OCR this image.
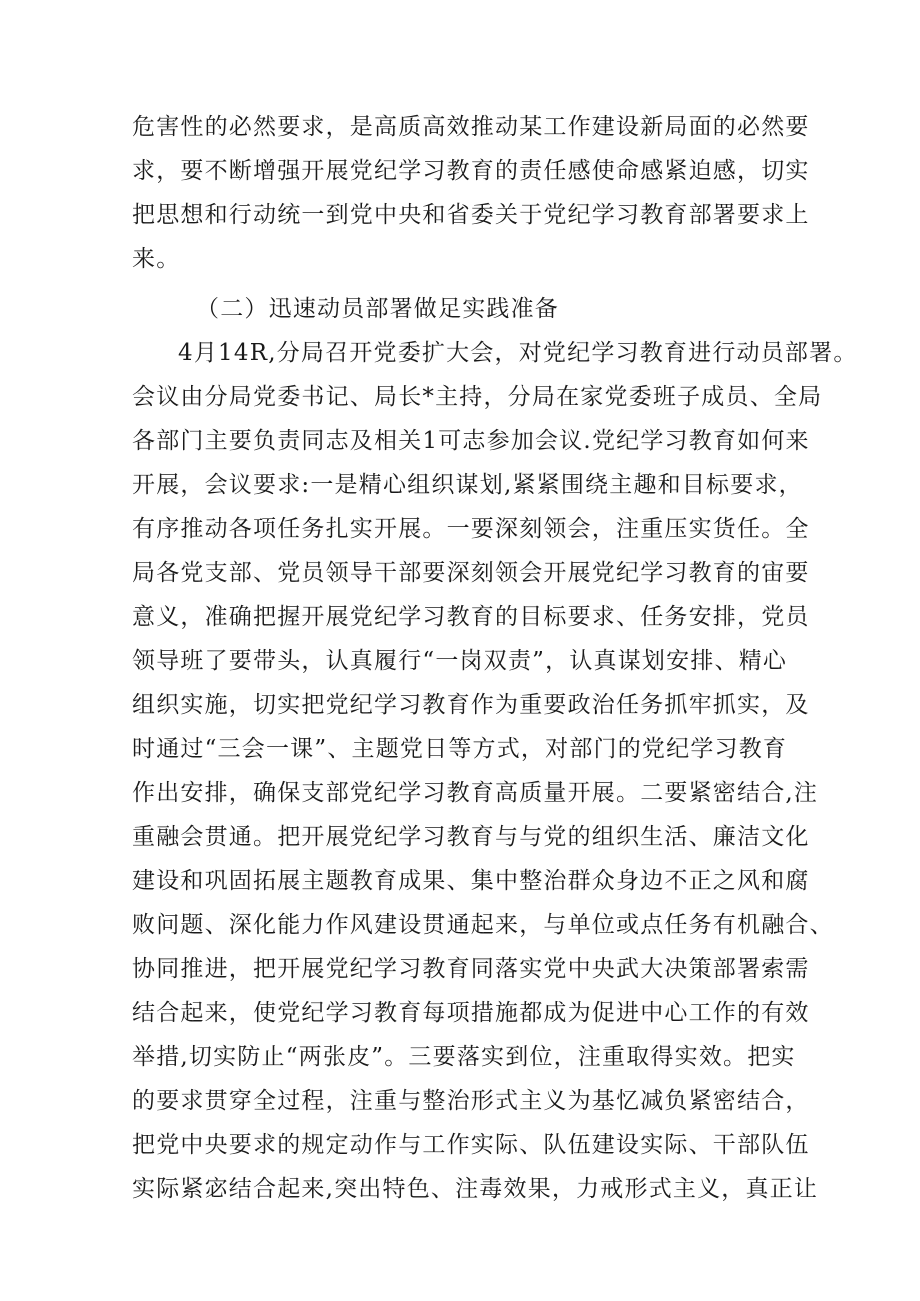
危害性的必然要求，是高质高效推动某工作建设新局面的必然要
求，要不断增强开展党纪学习教育的责任感使命感紧迫感，切实
把思想和行动统一到党中央和省委关于党纪学习教育部署要求上
来。
（二）迅速动员部署做足实践准备
4月14R,分局召开党委扩大会，对党纪学习教育进行动员部署。
会议由分局党委书记、局长*主持，分局在家党委班子成员、全局
各部门主要负责同志及相关1可志参加会议.党纪学习教育如何来
开展，会议要求:一是精心组织谋划,紧紧围绕主趣和目标要求，
有序推动各项任务扎实开展。一要深刻领会，注重压实货任。全
局各党支部、党员领导干部要深刻领会开展党纪学习教育的宙要
意义，准确把握开展党纪学习教育的目标要求、任务安排，党员
领导班了要带头，认真履行“一岗双责”，认真谋划安排、精心
组织实施，切实把党纪学习教育作为重要政治任务抓牢抓实，及
时通过“三会一课”、主题党日等方式，对部门的党纪学习教育
作出安排，确保支部党纪学习教育高质量开展。二要紧密结合,注
重融会贯通。把开展党纪学习教育与与党的组织生活、廉洁文化
建设和巩固拓展主题教育成果、集中整治群众身边不正之风和腐
败问题、深化能力作风建设贯通起来，与单位或点任务有机融合、
协同推进，把开展党纪学习教育同落实党中央武大决策部署索需
结合起来，使党纪学习教育每项措施都成为促进中心工作的有效
举措,切实防止“两张皮”。三要落实到位，注重取得实效。把实
的要求贯穿全过程，注重与整治形式主义为基忆减负紧密结合，
把党中央要求的规定动作与工作实际、队伍建设实际、干部队伍
实际紧宓结合起来,突出特色、注毒效果，力戒形式主义，真正让
